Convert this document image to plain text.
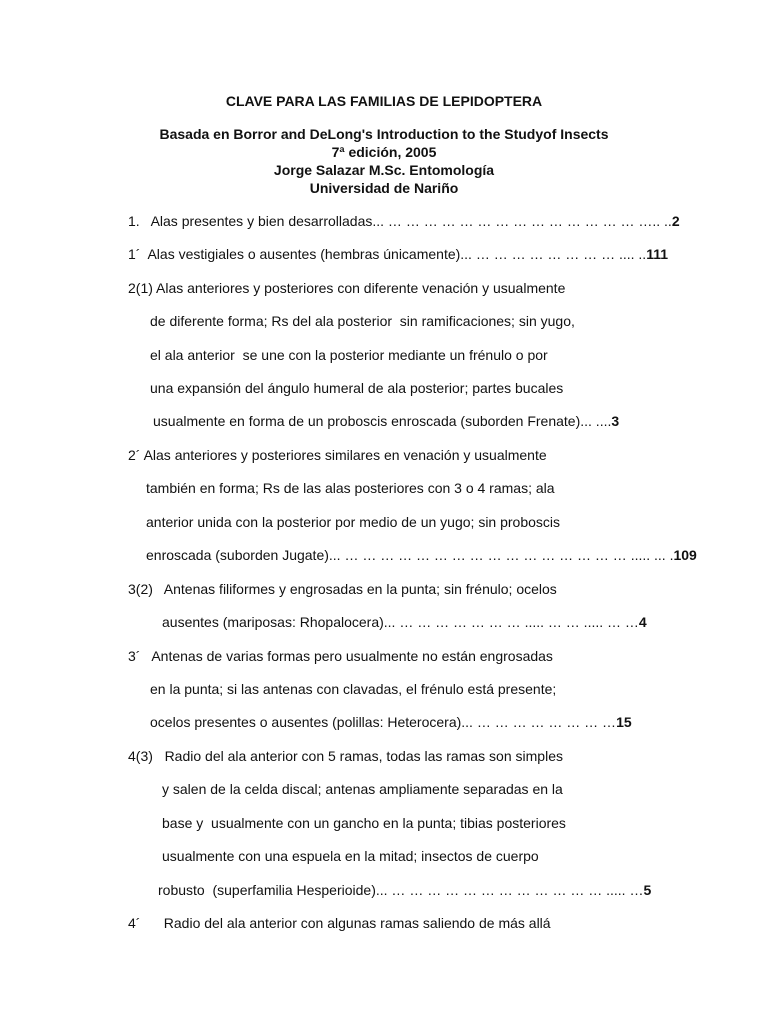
CLAVE PARA LAS FAMILIAS DE LEPIDOPTERA
Basada en Borror and DeLong's Introduction to the Studyof Insects
7ª edición, 2005
Jorge Salazar M.Sc. Entomología
Universidad de Nariño
1.   Alas presentes y bien desarrolladas... … … … … … … … … … … … … … … ….. ..2
1´  Alas vestigiales o ausentes (hembras únicamente)... … … … … … … … … .... ..111
2(1) Alas anteriores y posteriores con diferente venación y usualmente
de diferente forma; Rs del ala posterior  sin ramificaciones; sin yugo,
el ala anterior  se une con la posterior mediante un frénulo o por
una expansión del ángulo humeral de ala posterior; partes bucales
usualmente en forma de un proboscis enroscada (suborden Frenate)... ....3
2´ Alas anteriores y posteriores similares en venación y usualmente
también en forma; Rs de las alas posteriores con 3 o 4 ramas; ala
anterior unida con la posterior por medio de un yugo; sin proboscis
enroscada (suborden Jugate)... … … … … … … … … … … … … … … … … ..... ... .109
3(2)   Antenas filiformes y engrosadas en la punta; sin frénulo; ocelos
ausentes (mariposas: Rhopalocera)... … … … … … … … ..... … … ..... … …4
3´   Antenas de varias formas pero usualmente no están engrosadas
en la punta; si las antenas con clavadas, el frénulo está presente;
ocelos presentes o ausentes (polillas: Heterocera)... … … … … … … … …15
4(3)   Radio del ala anterior con 5 ramas, todas las ramas son simples
y salen de la celda discal; antenas ampliamente separadas en la
base y  usualmente con un gancho en la punta; tibias posteriores
usualmente con una espuela en la mitad; insectos de cuerpo
robusto  (superfamilia Hesperioide)... … … … … … … … … … … … … ..... …5
4´      Radio del ala anterior con algunas ramas saliendo de más allá
